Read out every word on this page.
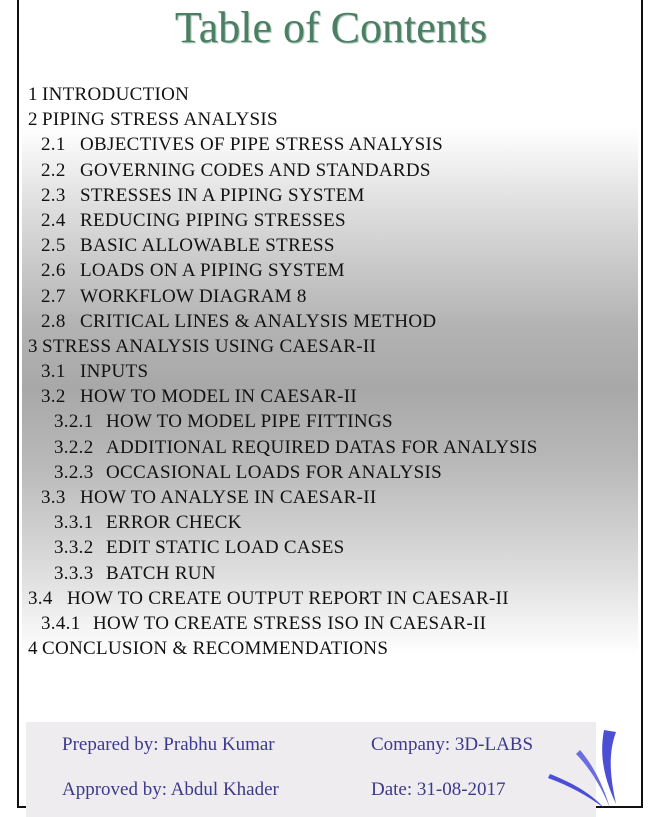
Table of Contents
1 INTRODUCTION
2 PIPING STRESS ANALYSIS
2.1 OBJECTIVES OF PIPE STRESS ANALYSIS
2.2 GOVERNING CODES AND STANDARDS
2.3 STRESSES IN A PIPING SYSTEM
2.4 REDUCING PIPING STRESSES
2.5 BASIC ALLOWABLE STRESS
2.6 LOADS ON A PIPING SYSTEM
2.7 WORKFLOW DIAGRAM 8
2.8 CRITICAL LINES & ANALYSIS METHOD
3 STRESS ANALYSIS USING CAESAR-II
3.1 INPUTS
3.2 HOW TO MODEL IN CAESAR-II
3.2.1 HOW TO MODEL PIPE FITTINGS
3.2.2 ADDITIONAL REQUIRED DATAS FOR ANALYSIS
3.2.3 OCCASIONAL LOADS FOR ANALYSIS
3.3 HOW TO ANALYSE IN CAESAR-II
3.3.1 ERROR CHECK
3.3.2 EDIT STATIC LOAD CASES
3.3.3 BATCH RUN
3.4 HOW TO CREATE OUTPUT REPORT IN CAESAR-II
3.4.1 HOW TO CREATE STRESS ISO IN CAESAR-II
4 CONCLUSION & RECOMMENDATIONS
Prepared by: Prabhu Kumar	Company: 3D-LABS
Approved by: Abdul Khader	Date: 31-08-2017
